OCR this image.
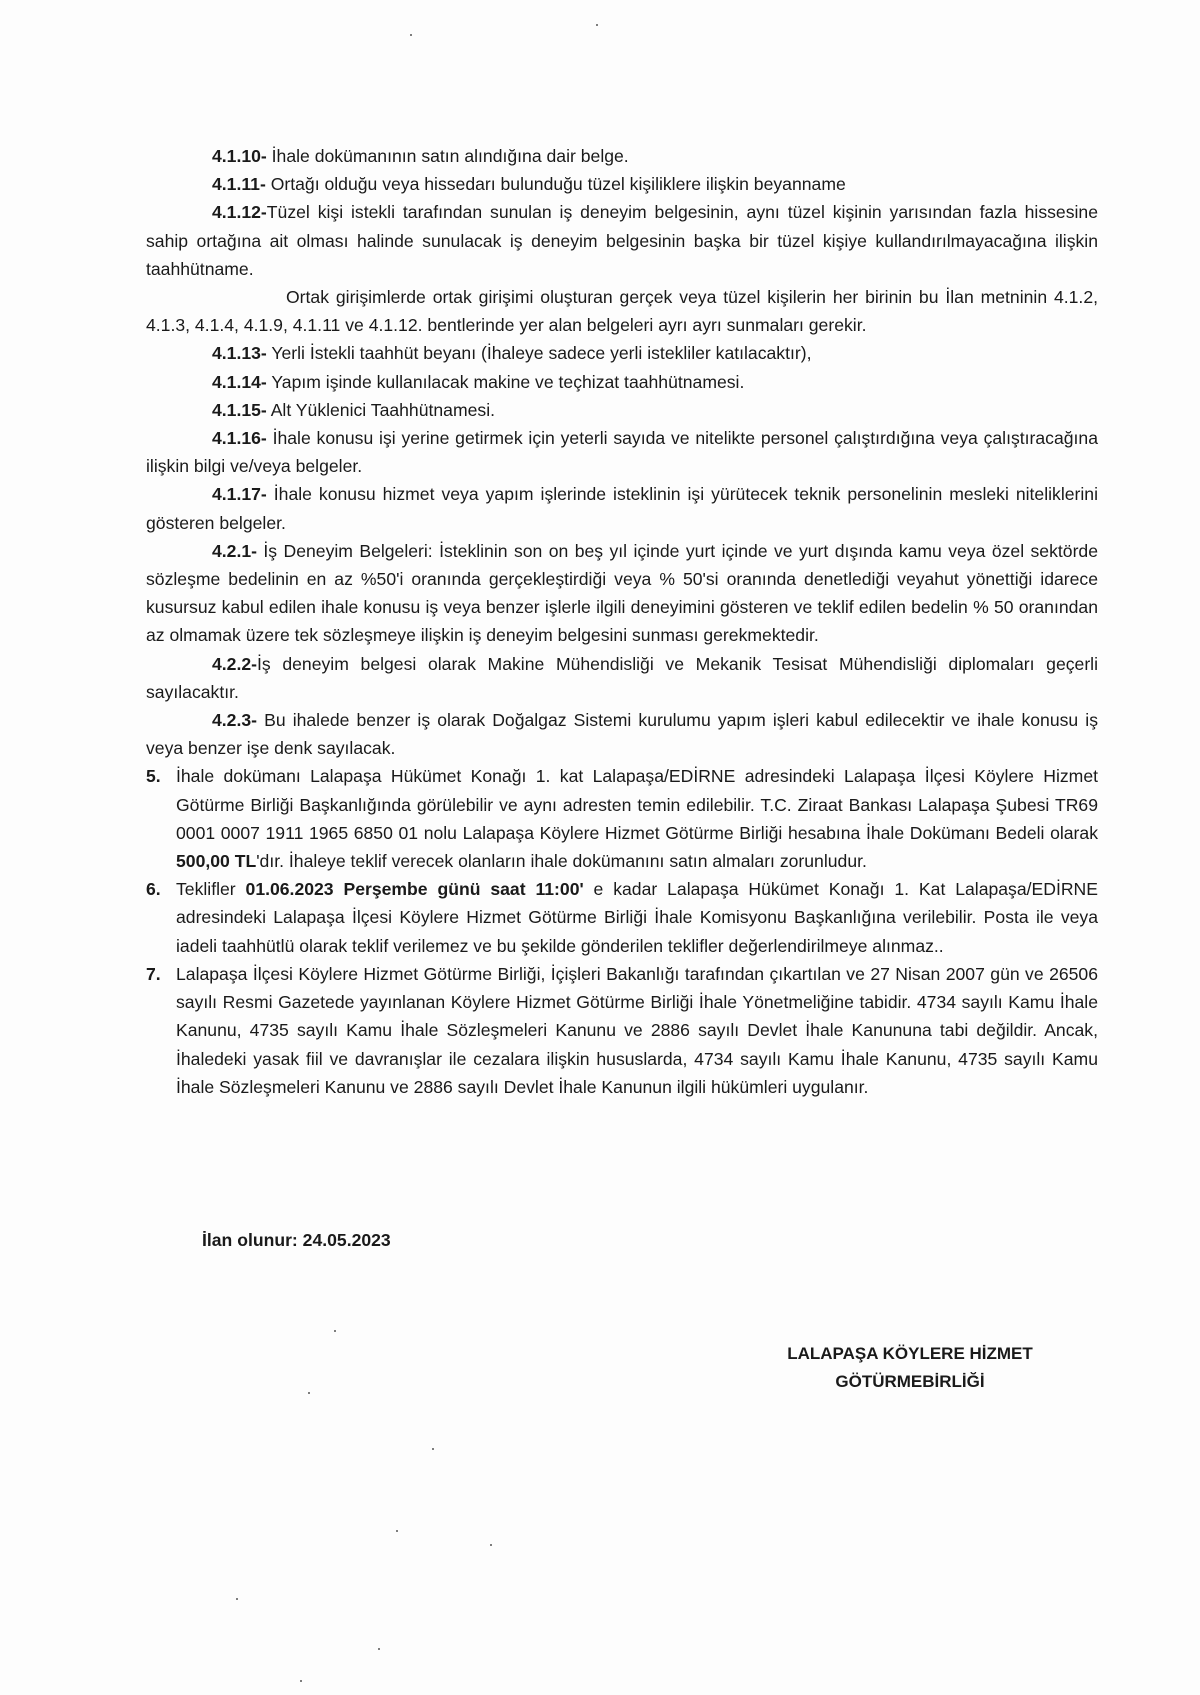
4.1.10- İhale dokümanının satın alındığına dair belge.

4.1.11- Ortağı olduğu veya hissedarı bulunduğu tüzel kişiliklere ilişkin beyanname

4.1.12-Tüzel kişi istekli tarafından sunulan iş deneyim belgesinin, aynı tüzel kişinin yarısından fazla hissesine sahip ortağına ait olması halinde sunulacak iş deneyim belgesinin başka bir tüzel kişiye kullandırılmayacağına ilişkin taahhütname.

Ortak girişimlerde ortak girişimi oluşturan gerçek veya tüzel kişilerin her birinin bu İlan metninin 4.1.2, 4.1.3, 4.1.4, 4.1.9, 4.1.11 ve 4.1.12. bentlerinde yer alan belgeleri ayrı ayrı sunmaları gerekir.

4.1.13- Yerli İstekli taahhüt beyanı (İhaleye sadece yerli istekliler katılacaktır),

4.1.14- Yapım işinde kullanılacak makine ve teçhizat taahhütnamesi.

4.1.15- Alt Yüklenici Taahhütnamesi.

4.1.16- İhale konusu işi yerine getirmek için yeterli sayıda ve nitelikte personel çalıştırdığına veya çalıştıracağına ilişkin bilgi ve/veya belgeler.

4.1.17- İhale konusu hizmet veya yapım işlerinde isteklinin işi yürütecek teknik personelinin mesleki niteliklerini gösteren belgeler.

4.2.1- İş Deneyim Belgeleri: İsteklinin son on beş yıl içinde yurt içinde ve yurt dışında kamu veya özel sektörde sözleşme bedelinin en az %50'i oranında gerçekleştirdiği veya % 50'si oranında denetlediği veyahut yönettiği idarece kusursuz kabul edilen ihale konusu iş veya benzer işlerle ilgili deneyimini gösteren ve teklif edilen bedelin % 50 oranından az olmamak üzere tek sözleşmeye ilişkin iş deneyim belgesini sunması gerekmektedir.

4.2.2-İş deneyim belgesi olarak Makine Mühendisliği ve Mekanik Tesisat Mühendisliği diplomaları geçerli sayılacaktır.

4.2.3- Bu ihalede benzer iş olarak Doğalgaz Sistemi kurulumu yapım işleri kabul edilecektir ve ihale konusu iş veya benzer işe denk sayılacak.

5. İhale dokümanı Lalapaşa Hükümet Konağı 1. kat Lalapaşa/EDİRNE adresindeki Lalapaşa İlçesi Köylere Hizmet Götürme Birliği Başkanlığında görülebilir ve aynı adresten temin edilebilir. T.C. Ziraat Bankası Lalapaşa Şubesi TR69 0001 0007 1911 1965 6850 01 nolu Lalapaşa Köylere Hizmet Götürme Birliği hesabına İhale Dokümanı Bedeli olarak 500,00 TL'dır. İhaleye teklif verecek olanların ihale dokümanını satın almaları zorunludur.

6. Teklifler 01.06.2023 Perşembe günü saat 11:00' e kadar Lalapaşa Hükümet Konağı 1. Kat Lalapaşa/EDİRNE adresindeki Lalapaşa İlçesi Köylere Hizmet Götürme Birliği İhale Komisyonu Başkanlığına verilebilir. Posta ile veya iadeli taahhütlü olarak teklif verilemez ve bu şekilde gönderilen teklifler değerlendirilmeye alınmaz..

7. Lalapaşa İlçesi Köylere Hizmet Götürme Birliği, İçişleri Bakanlığı tarafından çıkartılan ve 27 Nisan 2007 gün ve 26506 sayılı Resmi Gazetede yayınlanan Köylere Hizmet Götürme Birliği İhale Yönetmeliğine tabidir. 4734 sayılı Kamu İhale Kanunu, 4735 sayılı Kamu İhale Sözleşmeleri Kanunu ve 2886 sayılı Devlet İhale Kanununa tabi değildir. Ancak, İhaledeki yasak fiil ve davranışlar ile cezalara ilişkin hususlarda, 4734 sayılı Kamu İhale Kanunu, 4735 sayılı Kamu İhale Sözleşmeleri Kanunu ve 2886 sayılı Devlet İhale Kanunun ilgili hükümleri uygulanır.

İlan olunur: 24.05.2023
LALAPAŞA KÖYLERE HİZMET
GÖTÜRMEBİRLİĞİ
